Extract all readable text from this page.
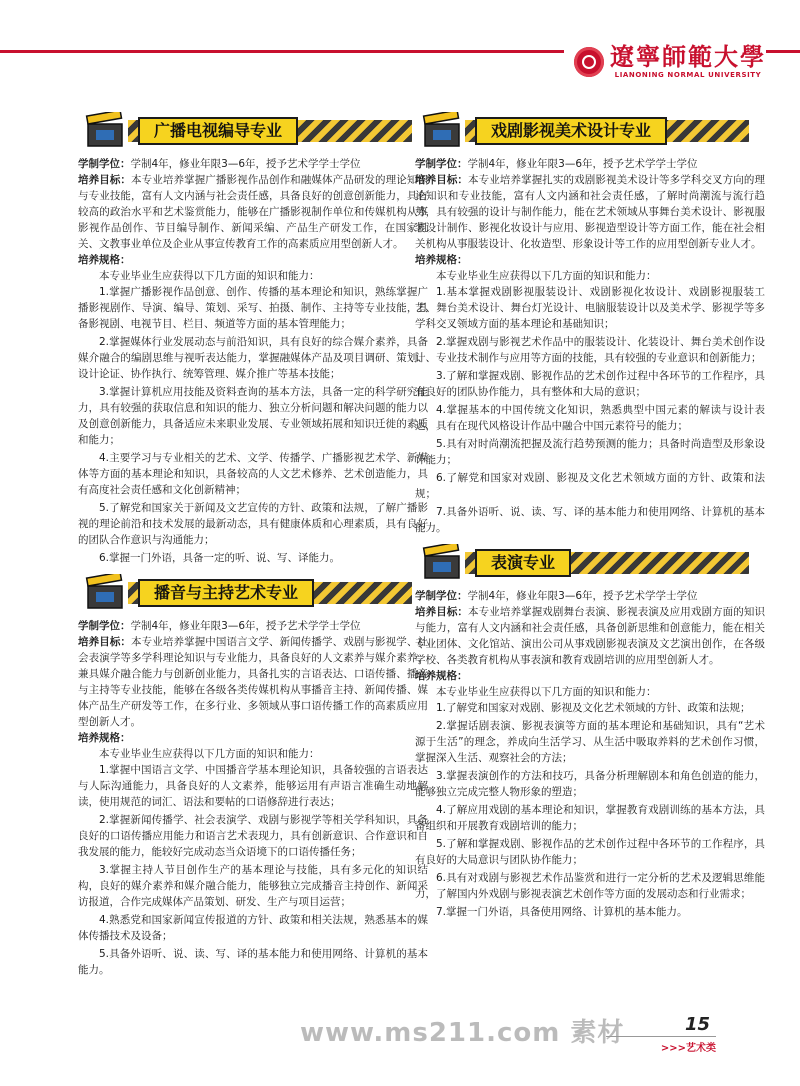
遼寧師範大學
LIANONING NORMAL UNIVERSITY
广播电视编导专业

学制学位：学制4年，修业年限3—6年，授予艺术学学士学位

培养目标：本专业培养掌握广播影视作品创作和融媒体产品研发的理论知识与专业技能，富有人文内涵与社会责任感，具备良好的创意创新能力，具有较高的政治水平和艺术鉴赏能力，能够在广播影视制作单位和传媒机构从事影视作品创作、节目编导制作、新闻采编、产品生产研发工作，在国家机关、文教事业单位及企业从事宣传教育工作的高素质应用型创新人才。

培养规格：

本专业毕业生应获得以下几方面的知识和能力：

1.掌握广播影视作品创意、创作、传播的基本理论和知识，熟练掌握广播影视剧作、导演、编导、策划、采写、拍摄、制作、主持等专业技能，具备影视剧、电视节目、栏目、频道等方面的基本管理能力；

2.掌握媒体行业发展动态与前沿知识，具有良好的综合媒介素养，具备媒介融合的编剧思维与视听表达能力，掌握融媒体产品及项目调研、策划、设计论证、协作执行、统筹管理、媒介推广等基本技能；

3.掌握计算机应用技能及资料查询的基本方法，具备一定的科学研究能力，具有较强的获取信息和知识的能力、独立分析问题和解决问题的能力以及创意创新能力，具备适应未来职业发展、专业领域拓展和知识迁徙的素质和能力；

4.主要学习与专业相关的艺术、文学、传播学、广播影视艺术学、新媒体等方面的基本理论和知识，具备较高的人文艺术修养、艺术创造能力，具有高度社会责任感和文化创新精神；

5.了解党和国家关于新闻及文艺宣传的方针、政策和法规，了解广播影视的理论前沿和技术发展的最新动态，具有健康体质和心理素质，具有良好的团队合作意识与沟通能力；

6.掌握一门外语，具备一定的听、说、写、译能力。

播音与主持艺术专业

学制学位：学制4年，修业年限3—6年，授予艺术学学士学位

培养目标：本专业培养掌握中国语言文学、新闻传播学、戏剧与影视学、社会表演学等多学科理论知识与专业能力，具备良好的人文素养与媒介素养，兼具媒介融合能力与创新创业能力，具备扎实的言语表达、口语传播、播音与主持等专业技能，能够在各级各类传媒机构从事播音主持、新闻传播、媒体产品生产研发等工作，在多行业、多领域从事口语传播工作的高素质应用型创新人才。

培养规格：

本专业毕业生应获得以下几方面的知识和能力：

1.掌握中国语言文学、中国播音学基本理论知识，具备较强的言语表达与人际沟通能力，具备良好的人文素养，能够运用有声语言准确生动地解读，使用规范的词汇、语法和要帖的口语修辞进行表达；

2.掌握新闻传播学、社会表演学、戏剧与影视学等相关学科知识，具备良好的口语传播应用能力和语言艺术表现力，具有创新意识、合作意识和自我发展的能力，能较好完成动态当众语境下的口语传播任务；

3.掌握主持人节目创作生产的基本理论与技能，具有多元化的知识结构，良好的媒介素养和媒介融合能力，能够独立完成播音主持创作、新闻采访报道，合作完成媒体产品策划、研发、生产与项目运营；

4.熟悉党和国家新闻宣传报道的方针、政策和相关法规，熟悉基本的媒体传播技术及设备；

5.具备外语听、说、读、写、译的基本能力和使用网络、计算机的基本能力。

戏剧影视美术设计专业

学制学位：学制4年，修业年限3—6年，授予艺术学学士学位

培养目标：本专业培养掌握扎实的戏剧影视美术设计等多学科交叉方向的理论知识和专业技能，富有人文内涵和社会责任感，了解时尚潮流与流行趋势，具有较强的设计与制作能力，能在艺术领域从事舞台美术设计、影视服装设计制作、影视化妆设计与应用、影视造型设计等方面工作，能在社会相关机构从事服装设计、化妆造型、形象设计等工作的应用型创新专业人才。

培养规格：

本专业毕业生应获得以下几方面的知识和能力：

1.基本掌握戏剧影视服装设计、戏剧影视化妆设计、戏剧影视服装工艺、舞台美术设计、舞台灯光设计、电脑服装设计以及美术学、影视学等多学科交叉领域方面的基本理论和基础知识；

2.掌握戏剧与影视艺术作品中的服装设计、化装设计、舞台美术创作设计、专业技术制作与应用等方面的技能，具有较强的专业意识和创新能力；

3.了解和掌握戏剧、影视作品的艺术创作过程中各环节的工作程序，具有良好的团队协作能力，具有整体和大局的意识；

4.掌握基本的中国传统文化知识，熟悉典型中国元素的解读与设计表达，具有在现代风格设计作品中融合中国元素符号的能力；

5.具有对时尚潮流把握及流行趋势预测的能力；具备时尚造型及形象设计能力；

6.了解党和国家对戏剧、影视及文化艺术领域方面的方针、政策和法规；

7.具备外语听、说、读、写、译的基本能力和使用网络、计算机的基本能力。

表演专业

学制学位：学制4年，修业年限3—6年，授予艺术学学士学位

培养目标：本专业培养掌握戏剧舞台表演、影视表演及应用戏剧方面的知识与能力，富有人文内涵和社会责任感，具备创新思维和创意能力，能在相关专业团体、文化馆站、演出公司从事戏剧影视表演及文艺演出创作，在各级学校、各类教育机构从事表演和教育戏剧培训的应用型创新人才。

培养规格：

本专业毕业生应获得以下几方面的知识和能力：

1.了解党和国家对戏剧、影视及文化艺术领域的方针、政策和法规；

2.掌握话剧表演、影视表演等方面的基本理论和基础知识，具有“艺术源于生活”的理念，养成向生活学习、从生活中吸取养料的艺术创作习惯，掌握深入生活、观察社会的方法；

3.掌握表演创作的方法和技巧，具备分析理解剧本和角色创造的能力，能够独立完成完整人物形象的塑造；

4.了解应用戏剧的基本理论和知识，掌握教育戏剧训练的基本方法，具备组织和开展教育戏剧培训的能力；

5.了解和掌握戏剧、影视作品的艺术创作过程中各环节的工作程序，具有良好的大局意识与团队协作能力；

6.具有对戏剧与影视艺术作品鉴赏和进行一定分析的艺术及逻辑思维能力，了解国内外戏剧与影视表演艺术创作等方面的发展动态和行业需求；

7.掌握一门外语，具备使用网络、计算机的基本能力。

www.ms211.com 素材	15
>>>艺术类
